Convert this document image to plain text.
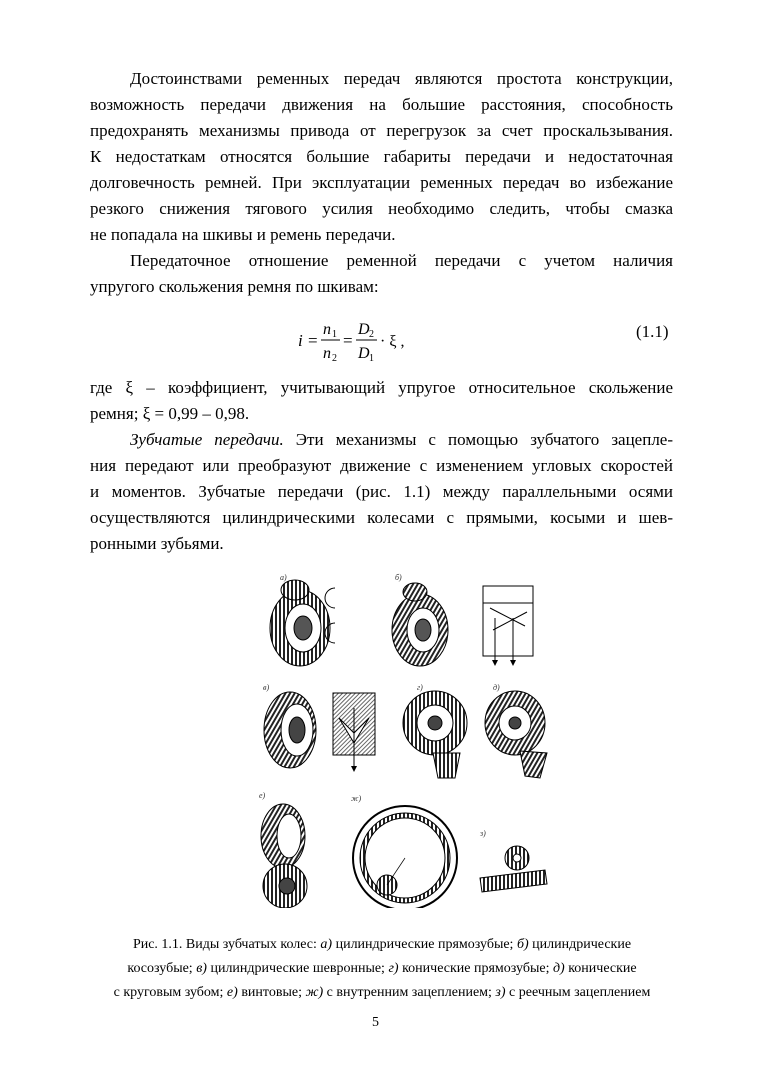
Достоинствами ременных передач являются простота конструкции,
возможность передачи движения на большие расстояния, способность
предохранять механизмы привода от перегрузок за счет проскальзывания.
К недостаткам относятся большие габариты передачи и недостаточная
долговечность ремней. При эксплуатации ременных передач во избежание
резкого снижения тягового усилия необходимо следить, чтобы смазка
не попадала на шкивы и ремень передачи.
Передаточное отношение ременной передачи с учетом наличия
упругого скольжения ремня по шкивам:
i =
n 1
n 2
=
D 2
D 1
· ξ ,
(1.1)
где ξ – коэффициент, учитывающий упругое относительное скольжение
ремня; ξ = 0,99 – 0,98.
Зубчатые передачи. Эти механизмы с помощью зубчатого зацепле-
ния передают или преобразуют движение с изменением угловых скоростей
и моментов. Зубчатые передачи (рис. 1.1) между параллельными осями
осуществляются цилиндрическими колесами с прямыми, косыми и шев-
ронными зубьями.
а)	б)
в)	г)	д)
е)	ж)
з)
Рис. 1.1. Виды зубчатых колес: а) цилиндрические прямозубые; б) цилиндрические
косозубые; в) цилиндрические шевронные; г) конические прямозубые; д) конические
с круговым зубом; е) винтовые; ж) с внутренним зацеплением; з) с реечным зацеплением
5
